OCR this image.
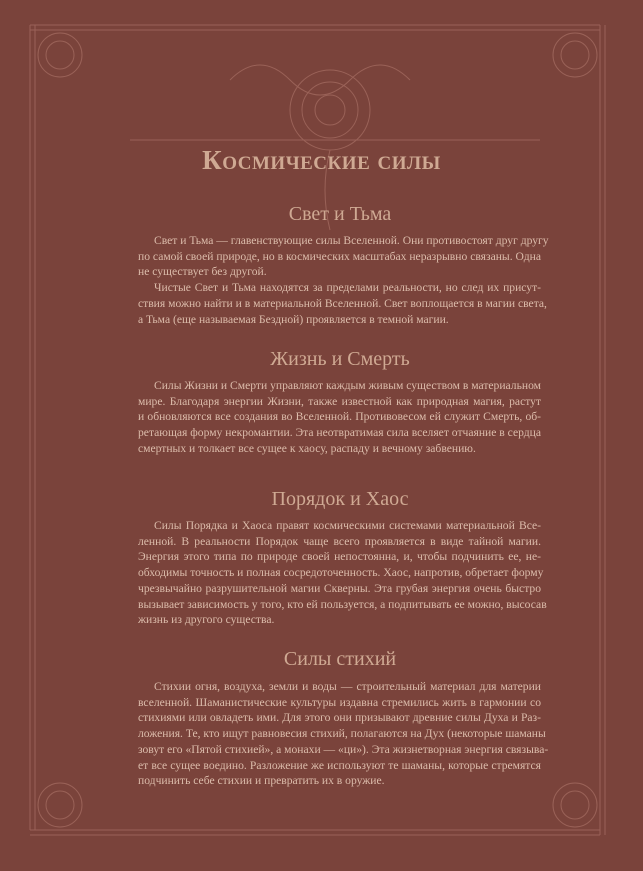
Космические силы
Свет и Тьма
Свет и Тьма — главенствующие силы Вселенной. Они противостоят друг другу
по самой своей природе, но в космических масштабах неразрывно связаны. Одна
не существует без другой.
Чистые Свет и Тьма находятся за пределами реальности, но след их присут-
ствия можно найти и в материальной Вселенной. Свет воплощается в магии света,
а Тьма (еще называемая Бездной) проявляется в темной магии.
Жизнь и Смерть
Силы Жизни и Смерти управляют каждым живым существом в материальном
мире. Благодаря энергии Жизни, также известной как природная магия, растут
и обновляются все создания во Вселенной. Противовесом ей служит Смерть, об-
ретающая форму некромантии. Эта неотвратимая сила вселяет отчаяние в сердца
смертных и толкает все сущее к хаосу, распаду и вечному забвению.
Порядок и Хаос
Силы Порядка и Хаоса правят космическими системами материальной Все-
ленной. В реальности Порядок чаще всего проявляется в виде тайной магии.
Энергия этого типа по природе своей непостоянна, и, чтобы подчинить ее, не-
обходимы точность и полная сосредоточенность. Хаос, напротив, обретает форму
чрезвычайно разрушительной магии Скверны. Эта грубая энергия очень быстро
вызывает зависимость у того, кто ей пользуется, а подпитывать ее можно, высосав
жизнь из другого существа.
Силы стихий
Стихии огня, воздуха, земли и воды — строительный материал для материи
вселенной. Шаманистические культуры издавна стремились жить в гармонии со
стихиями или овладеть ими. Для этого они призывают древние силы Духа и Раз-
ложения. Те, кто ищут равновесия стихий, полагаются на Дух (некоторые шаманы
зовут его «Пятой стихией», а монахи — «ци»). Эта жизнетворная энергия связыва-
ет все сущее воедино. Разложение же используют те шаманы, которые стремятся
подчинить себе стихии и превратить их в оружие.
